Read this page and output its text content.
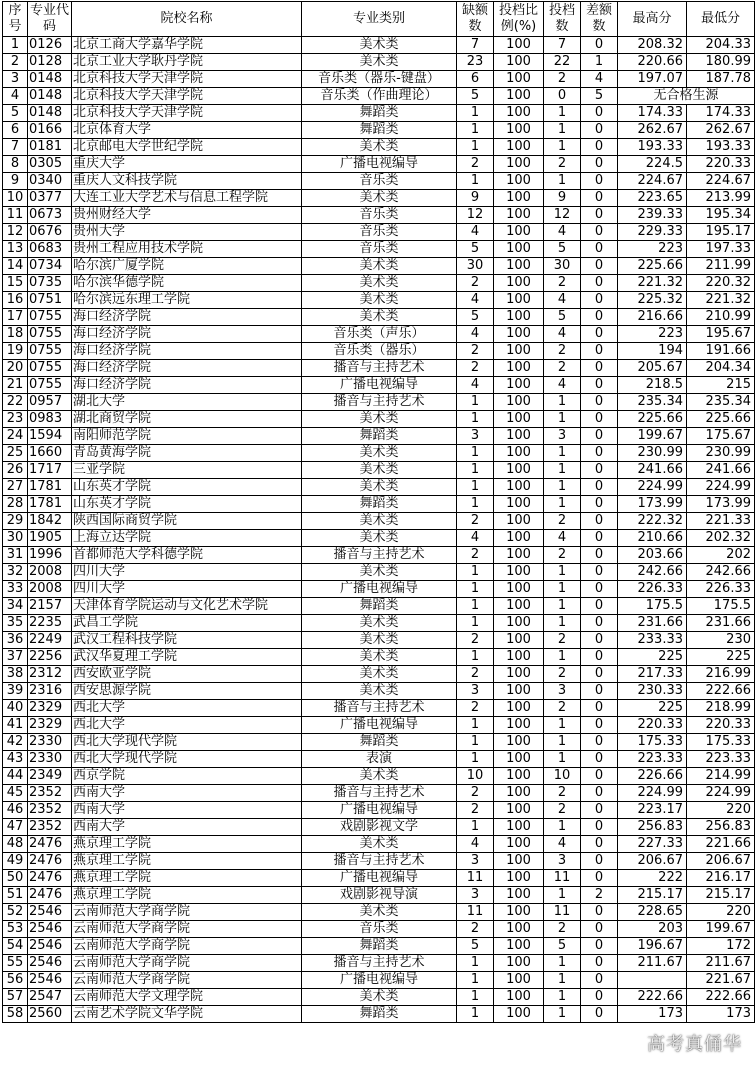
序号	专业代码	院校名称	专业类别	缺额数	投档比例(%)	投档数	差额数	最高分	最低分
1	0126	北京工商大学嘉华学院	美术类	7	100	7	0	208.32	204.33
2	0128	北京工业大学耿丹学院	美术类	23	100	22	1	220.66	180.99
3	0148	北京科技大学天津学院	音乐类（器乐-键盘）	6	100	2	4	197.07	187.78
4	0148	北京科技大学天津学院	音乐类（作曲理论）	5	100	0	5	无合格生源	
5	0148	北京科技大学天津学院	舞蹈类	1	100	1	0	174.33	174.33
6	0166	北京体育大学	舞蹈类	1	100	1	0	262.67	262.67
7	0181	北京邮电大学世纪学院	美术类	1	100	1	0	193.33	193.33
8	0305	重庆大学	广播电视编导	2	100	2	0	224.5	220.33
9	0340	重庆人文科技学院	音乐类	1	100	1	0	224.67	224.67
10	0377	大连工业大学艺术与信息工程学院	美术类	9	100	9	0	223.65	213.99
11	0673	贵州财经大学	音乐类	12	100	12	0	239.33	195.34
12	0676	贵州大学	音乐类	4	100	4	0	229.33	195.17
13	0683	贵州工程应用技术学院	音乐类	5	100	5	0	223	197.33
14	0734	哈尔滨广厦学院	美术类	30	100	30	0	225.66	211.99
15	0735	哈尔滨华德学院	美术类	2	100	2	0	221.32	220.32
16	0751	哈尔滨远东理工学院	美术类	4	100	4	0	225.32	221.32
17	0755	海口经济学院	美术类	5	100	5	0	216.66	210.99
18	0755	海口经济学院	音乐类（声乐）	4	100	4	0	223	195.67
19	0755	海口经济学院	音乐类（器乐）	2	100	2	0	194	191.66
20	0755	海口经济学院	播音与主持艺术	2	100	2	0	205.67	204.34
21	0755	海口经济学院	广播电视编导	4	100	4	0	218.5	215
22	0957	湖北大学	播音与主持艺术	1	100	1	0	235.34	235.34
23	0983	湖北商贸学院	美术类	1	100	1	0	225.66	225.66
24	1594	南阳师范学院	舞蹈类	3	100	3	0	199.67	175.67
25	1660	青岛黄海学院	美术类	1	100	1	0	230.99	230.99
26	1717	三亚学院	美术类	1	100	1	0	241.66	241.66
27	1781	山东英才学院	美术类	1	100	1	0	224.99	224.99
28	1781	山东英才学院	舞蹈类	1	100	1	0	173.99	173.99
29	1842	陕西国际商贸学院	美术类	2	100	2	0	222.32	221.33
30	1905	上海立达学院	美术类	4	100	4	0	210.66	202.32
31	1996	首都师范大学科德学院	播音与主持艺术	2	100	2	0	203.66	202
32	2008	四川大学	美术类	1	100	1	0	242.66	242.66
33	2008	四川大学	广播电视编导	1	100	1	0	226.33	226.33
34	2157	天津体育学院运动与文化艺术学院	舞蹈类	1	100	1	0	175.5	175.5
35	2235	武昌工学院	美术类	1	100	1	0	231.66	231.66
36	2249	武汉工程科技学院	美术类	2	100	2	0	233.33	230
37	2256	武汉华夏理工学院	美术类	1	100	1	0	225	225
38	2312	西安欧亚学院	美术类	2	100	2	0	217.33	216.99
39	2316	西安思源学院	美术类	3	100	3	0	230.33	222.66
40	2329	西北大学	播音与主持艺术	2	100	2	0	225	218.99
41	2329	西北大学	广播电视编导	1	100	1	0	220.33	220.33
42	2330	西北大学现代学院	舞蹈类	1	100	1	0	175.33	175.33
43	2330	西北大学现代学院	表演	1	100	1	0	223.33	223.33
44	2349	西京学院	美术类	10	100	10	0	226.66	214.99
45	2352	西南大学	播音与主持艺术	2	100	2	0	224.99	224.99
46	2352	西南大学	广播电视编导	2	100	2	0	223.17	220
47	2352	西南大学	戏剧影视文学	1	100	1	0	256.83	256.83
48	2476	燕京理工学院	美术类	4	100	4	0	227.33	221.66
49	2476	燕京理工学院	播音与主持艺术	3	100	3	0	206.67	206.67
50	2476	燕京理工学院	广播电视编导	11	100	11	0	222	216.17
51	2476	燕京理工学院	戏剧影视导演	3	100	1	2	215.17	215.17
52	2546	云南师范大学商学院	美术类	11	100	11	0	228.65	220
53	2546	云南师范大学商学院	音乐类	2	100	2	0	203	199.67
54	2546	云南师范大学商学院	舞蹈类	5	100	5	0	196.67	172
55	2546	云南师范大学商学院	播音与主持艺术	1	100	1	0	211.67	211.67
56	2546	云南师范大学商学院	广播电视编导	1	100	1	0		221.67
57	2547	云南师范大学文理学院	美术类	1	100	1	0	222.66	222.66
58	2560	云南艺术学院文华学院	舞蹈类	1	100	1	0	173	173
高考真俑华
